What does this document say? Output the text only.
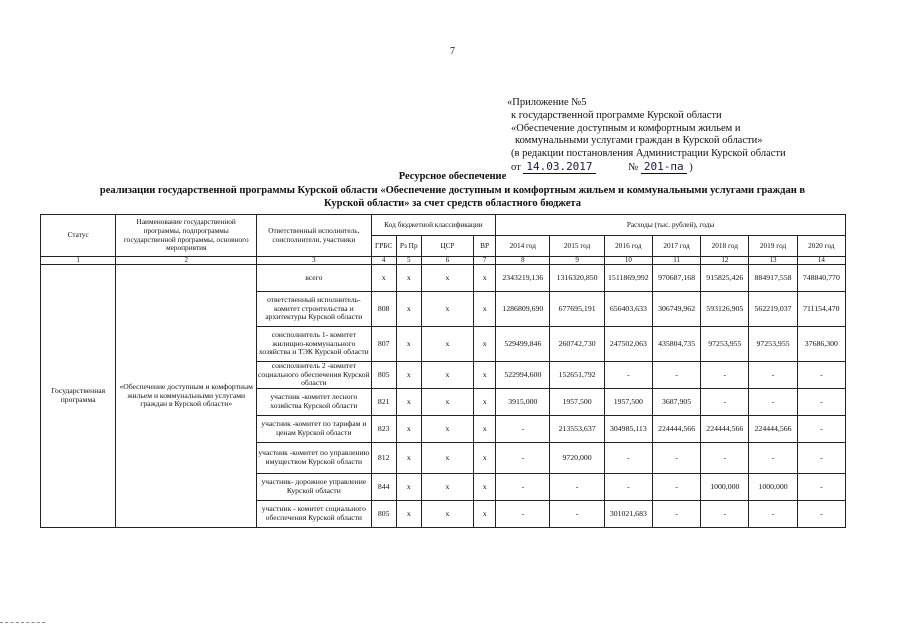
7
«Приложение №5
к государственной программе Курской области
«Обеспечение доступным и комфортным жильем и
коммунальными услугами граждан в Курской области»
(в редакции постановления Администрации Курской области
от 14.03.2017	№ 201-па )
Ресурсное обеспечение
реализации государственной программы Курской области «Обеспечение доступным и комфортным жильем и коммунальными услугами граждан в
Курской области» за счет средств областного бюджета
Статус	Наименование государственной программы, подпрограммы государственной программы, основного мероприятия	Ответственный исполнитель, соисполнители, участники	Код бюджетной классификации				Расходы (тыс. рублей), годы						
			ГРБС	Рз Пр	ЦСР	ВР	2014 год	2015 год	2016 год	2017 год	2018 год	2019 год	2020 год
1	2	3	4	5	6	7	8	9	10	11	12	13	14
Государственная программа	«Обеспечение доступным и комфортным жильем и коммунальными услугами граждан в Курской области»	всего	х	х	х	х	2343219,136	1316320,850	1511869,992	970687,168	915825,426	884917,558	748840,770
		ответственный исполнитель- комитет строительства и архитектуры Курской области	808	х	х	х	1286809,690	677695,191	656403,633	306749,962	593126,905	562219,037	711154,470
		соисполнитель 1- комитет жилищно-коммунального хозяйства и ТЭК Курской области	807	х	х	х	529499,846	260742,730	247502,063	435804,735	97253,955	97253,955	37686,300
		соисполнитель 2 -комитет социального обеспечения Курской области	805	х	х	х	522994,600	152651,792	-	-	-	-	-
		участник -комитет лесного хозяйства Курской области	821	х	х	х	3915,000	1957,500	1957,500	3687,905	-	-	-
		участник -комитет по тарифам и ценам Курской области	823	х	х	х	-	213553,637	304985,113	224444,566	224444,566	224444,566	-
		участник -комитет по управлению имуществом Курской области	812	х	х	х	-	9720,000	-	-	-	-	-
		участник- дорожное управление Курской области	844	х	х	х	-	-	-	-	1000,000	1000,000	-
		участник - комитет социального обеспечения Курской области	805	х	х	х	-	-	301021,683	-	-	-	-
